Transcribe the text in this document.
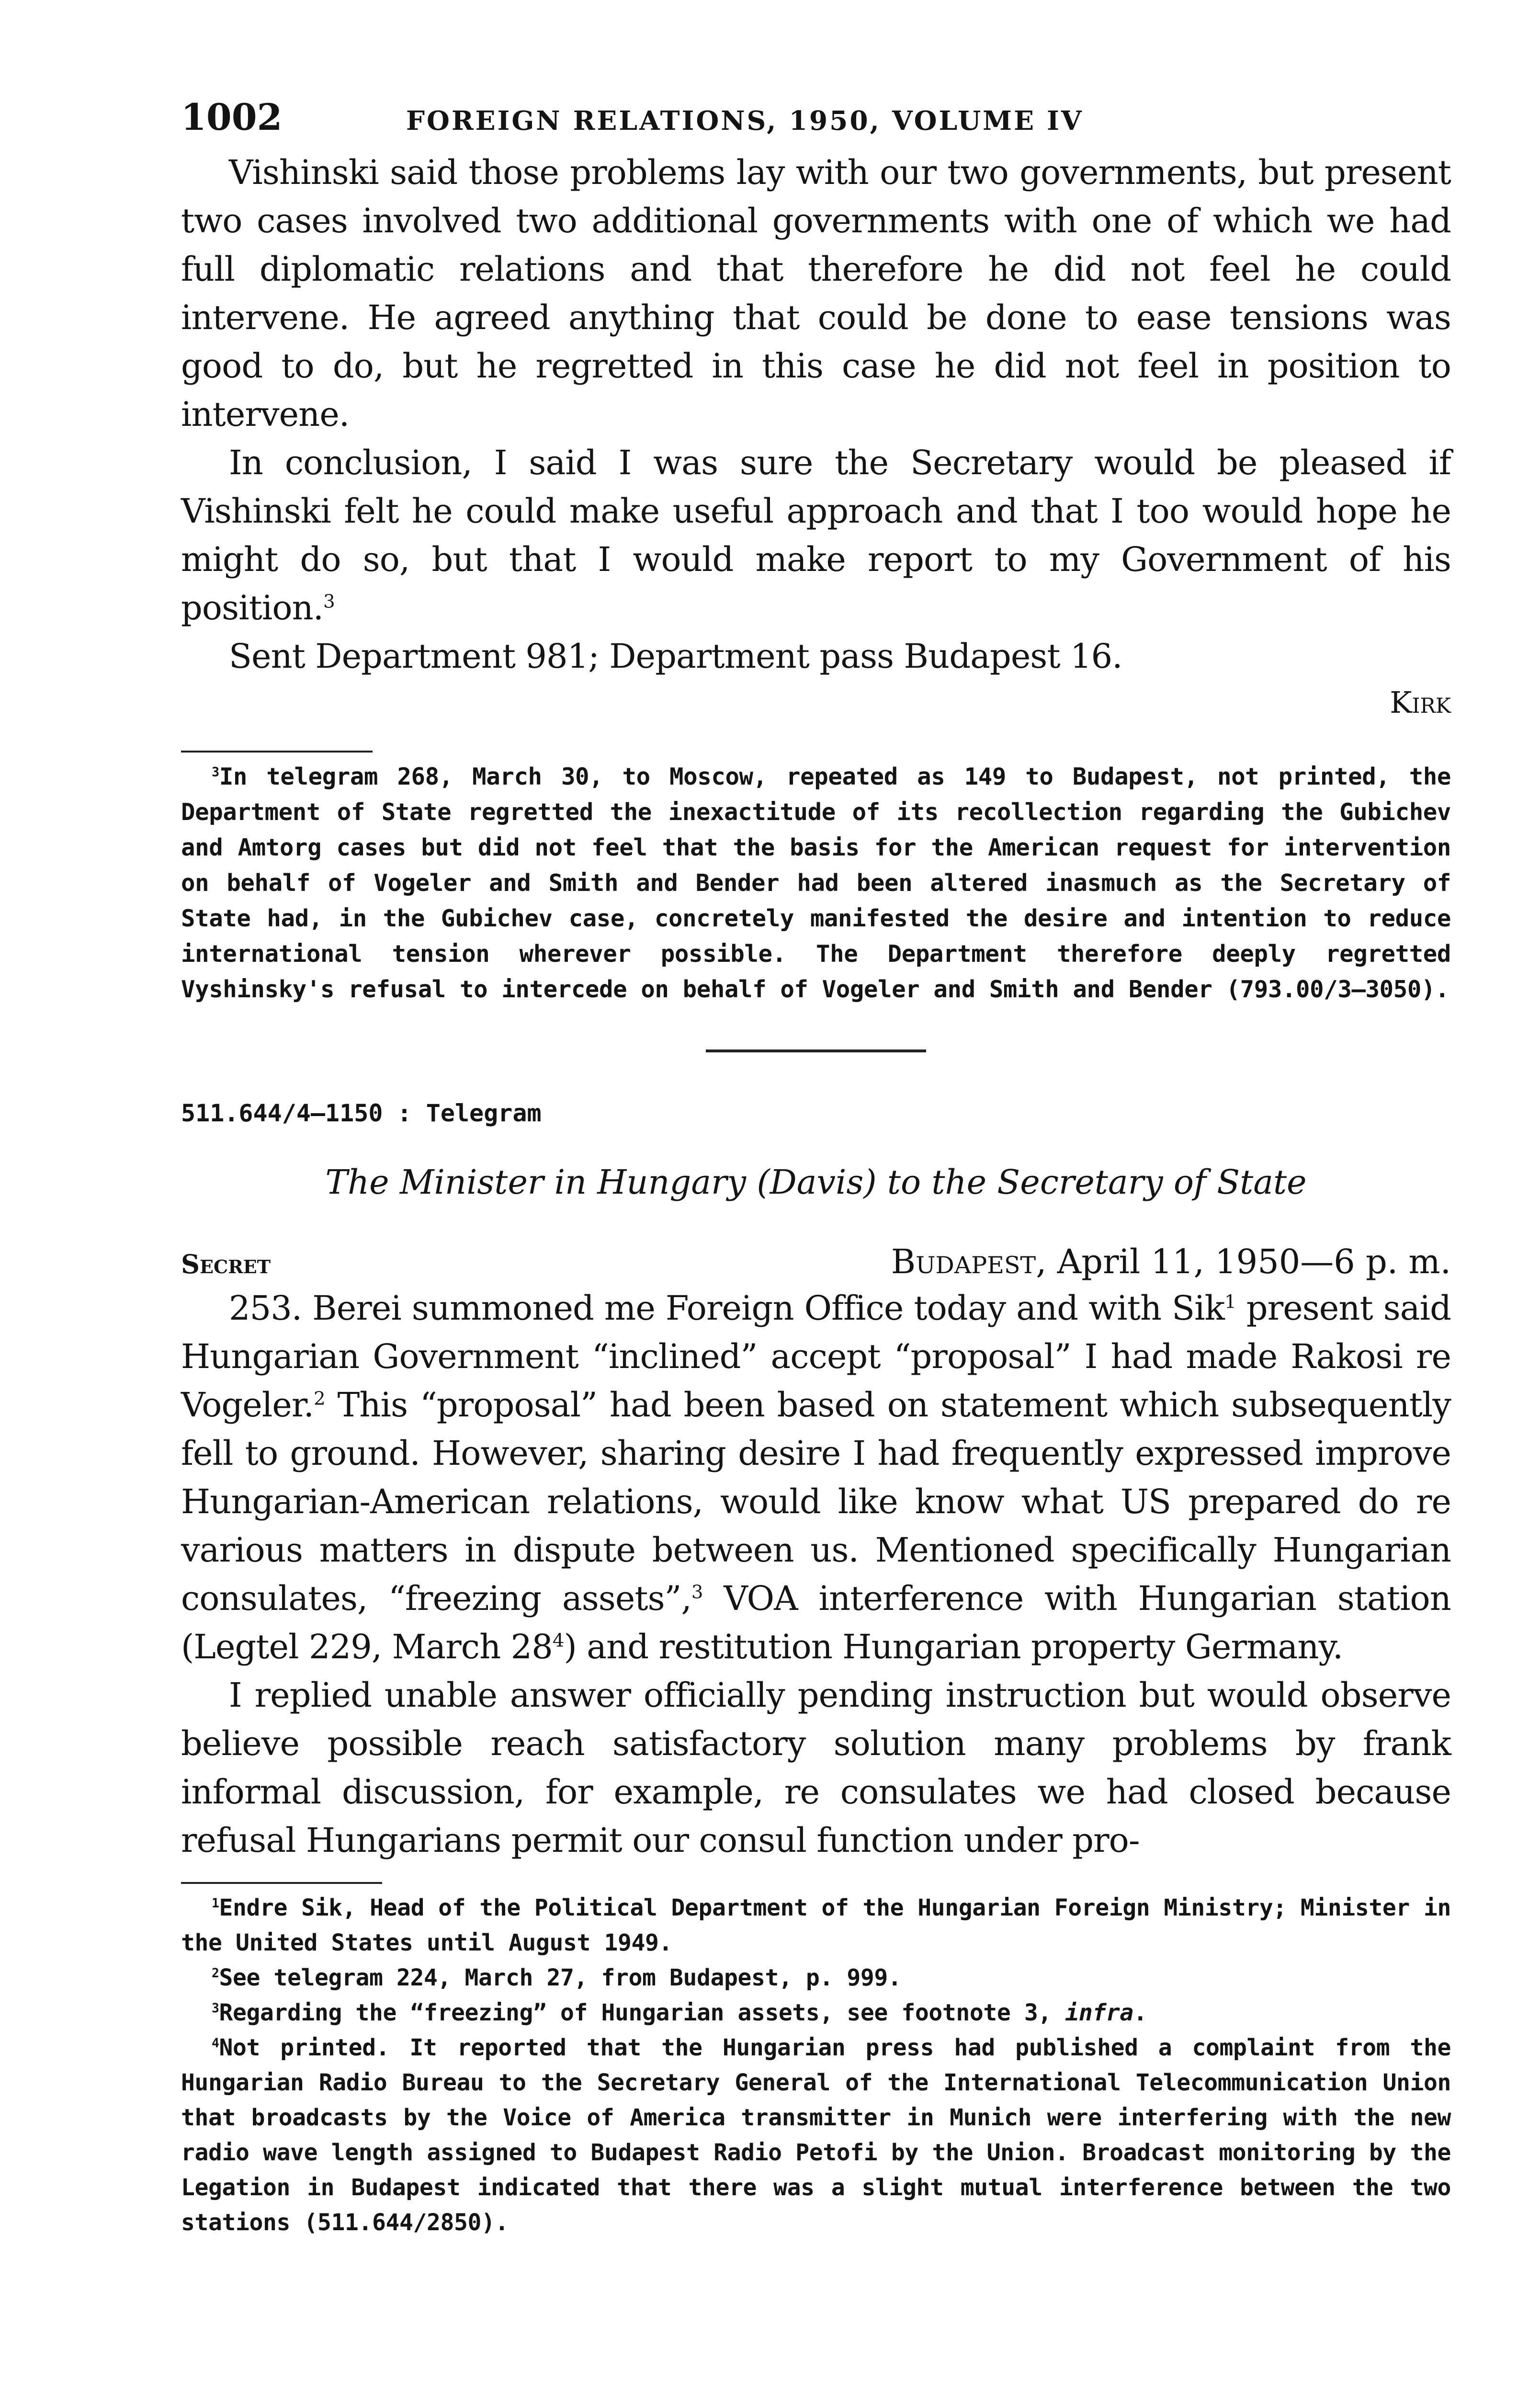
1002	FOREIGN RELATIONS, 1950, VOLUME IV

Vishinski said those problems lay with our two governments, but present two cases involved two additional governments with one of which we had full diplomatic relations and that therefore he did not feel he could intervene. He agreed anything that could be done to ease tensions was good to do, but he regretted in this case he did not feel in position to intervene.

In conclusion, I said I was sure the Secretary would be pleased if Vishinski felt he could make useful approach and that I too would hope he might do so, but that I would make report to my Government of his position.$^3$

Sent Department 981; Department pass Budapest 16.

Kirk

$^3$In telegram 268, March 30, to Moscow, repeated as 149 to Budapest, not printed, the Department of State regretted the inexactitude of its recollection regarding the Gubichev and Amtorg cases but did not feel that the basis for the American request for intervention on behalf of Vogeler and Smith and Bender had been altered inasmuch as the Secretary of State had, in the Gubichev case, concretely manifested the desire and intention to reduce international tension wherever possible. The Department therefore deeply regretted Vyshinsky's refusal to intercede on behalf of Vogeler and Smith and Bender (793.00/3–3050).

511.644/4–1150 : Telegram
The Minister in Hungary (Davis) to the Secretary of State
Secret	Budapest, April 11, 1950—6 p. m.

253. Berei summoned me Foreign Office today and with Sik$^1$ present said Hungarian Government “inclined” accept “proposal” I had made Rakosi re Vogeler.$^2$ This “proposal” had been based on statement which subsequently fell to ground. However, sharing desire I had frequently expressed improve Hungarian-American relations, would like know what US prepared do re various matters in dispute between us. Mentioned specifically Hungarian consulates, “freezing assets”,$^3$ VOA interference with Hungarian station (Legtel 229, March $28^4$) and restitution Hungarian property Germany.

I replied unable answer officially pending instruction but would observe believe possible reach satisfactory solution many problems by frank informal discussion, for example, re consulates we had closed because refusal Hungarians permit our consul function under pro-

$^1$Endre Sik, Head of the Political Department of the Hungarian Foreign Ministry; Minister in the United States until August 1949.

$^2$See telegram 224, March 27, from Budapest, p. 999.

$^3$Regarding the “freezing” of Hungarian assets, see footnote 3, infra.

$^4$Not printed. It reported that the Hungarian press had published a complaint from the Hungarian Radio Bureau to the Secretary General of the International Telecommunication Union that broadcasts by the Voice of America transmitter in Munich were interfering with the new radio wave length assigned to Budapest Radio Petofi by the Union. Broadcast monitoring by the Legation in Budapest indicated that there was a slight mutual interference between the two stations (511.644/2850).
